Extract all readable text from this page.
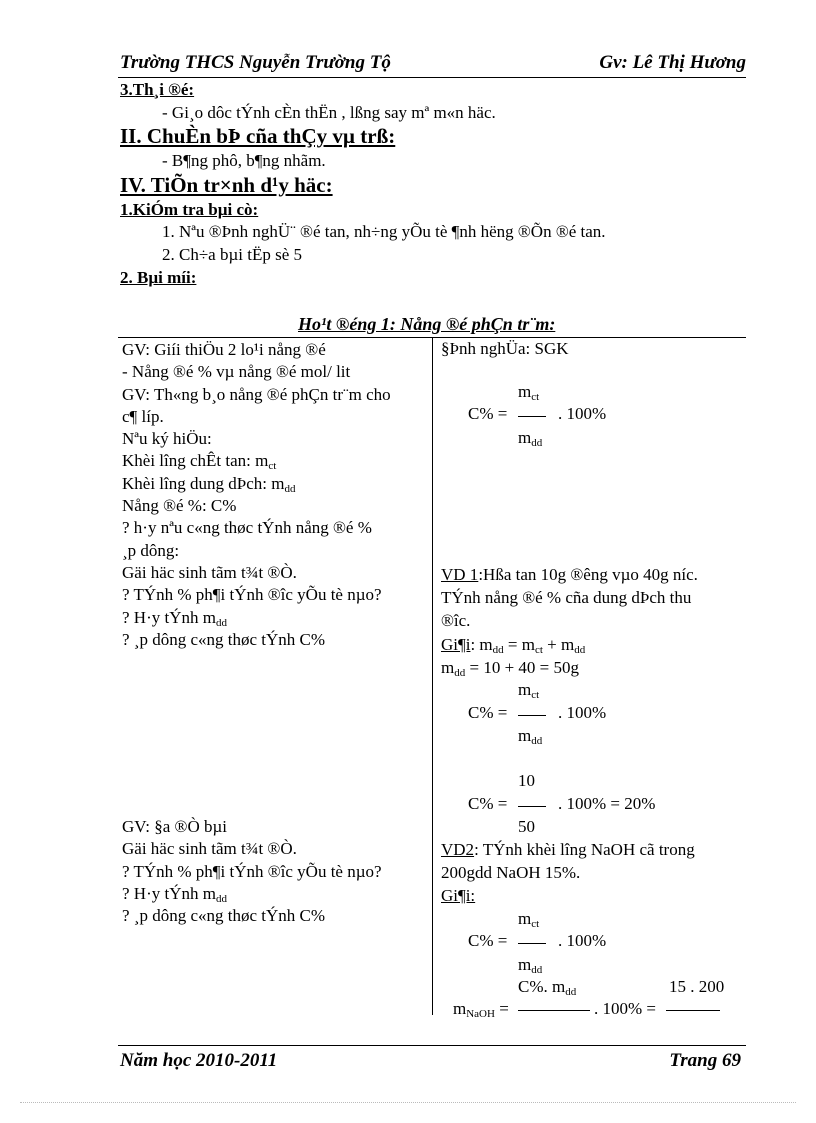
Trường THCS Nguyễn Trường Tộ	Gv: Lê Thị Hương
3.Th¸i ®é:
- Gi¸o dôc tÝnh cÈn thËn , lßng say mª m«n häc.
II. ChuÈn bÞ cña thÇy vµ trß:
- B¶ng phô, b¶ng nhãm.
IV. TiÕn tr×nh d¹y häc:
1.KiÓm tra bµi cò:
1. Nªu ®Þnh nghÜ¨ ®é tan, nh÷ng yÕu tè ¶nh hëng ®Õn ®é tan.
2. Ch÷a bµi tËp sè 5
2. Bµi míi:
Ho¹t ®éng 1: Nång ®é phÇn tr¨m:

GV: Giíi thiÖu 2 lo¹i nång ®é

- Nång ®é % vµ nång ®é mol/ lit

GV: Th«ng b¸o nång ®é phÇn tr¨m cho

c¶ líp.

Nªu ký hiÖu:

Khèi lîng chÊt tan: $m_{ct}$

Khèi lîng dung dÞch: $m_{dd}$

Nång ®é %: C%

? h·y nªu c«ng thøc tÝnh nång ®é %

¸p dông:

Gäi häc sinh tãm t¾t ®Ò.

? TÝnh % ph¶i tÝnh ®îc yÕu tè nµo?

? H·y tÝnh $m_{dd}$

? ¸p dông c«ng thøc tÝnh C%

GV: §a ®Ò bµi

Gäi häc sinh tãm t¾t ®Ò.

? TÝnh % ph¶i tÝnh ®îc yÕu tè nµo?

? H·y tÝnh $m_{dd}$

? ¸p dông c«ng thøc tÝnh C%

§Þnh nghÜa: SGK
$m_{ct}$
C% =	. 100%
$m_{dd}$
VD 1:Hßa tan 10g ®êng vµo 40g níc.
TÝnh nång ®é % cña dung dÞch thu
®îc.
Gi¶i: $m_{dd} = m_{ct} + m_{dd}$
$m_{dd} = 10 + 40 = 50g$
$m_{ct}$
C% =	. 100%
$m_{dd}$
10
C% =	. 100% = 20%
50
VD2: TÝnh khèi lîng NaOH cã trong
200gdd NaOH 15%.
Gi¶i:
$m_{ct}$
C% =	. 100%
$m_{dd}$
C%. $m_{dd}$	15 . 200
$m_{NaOH}$ =	. 100% =
Năm học 2010-2011	Trang 69
